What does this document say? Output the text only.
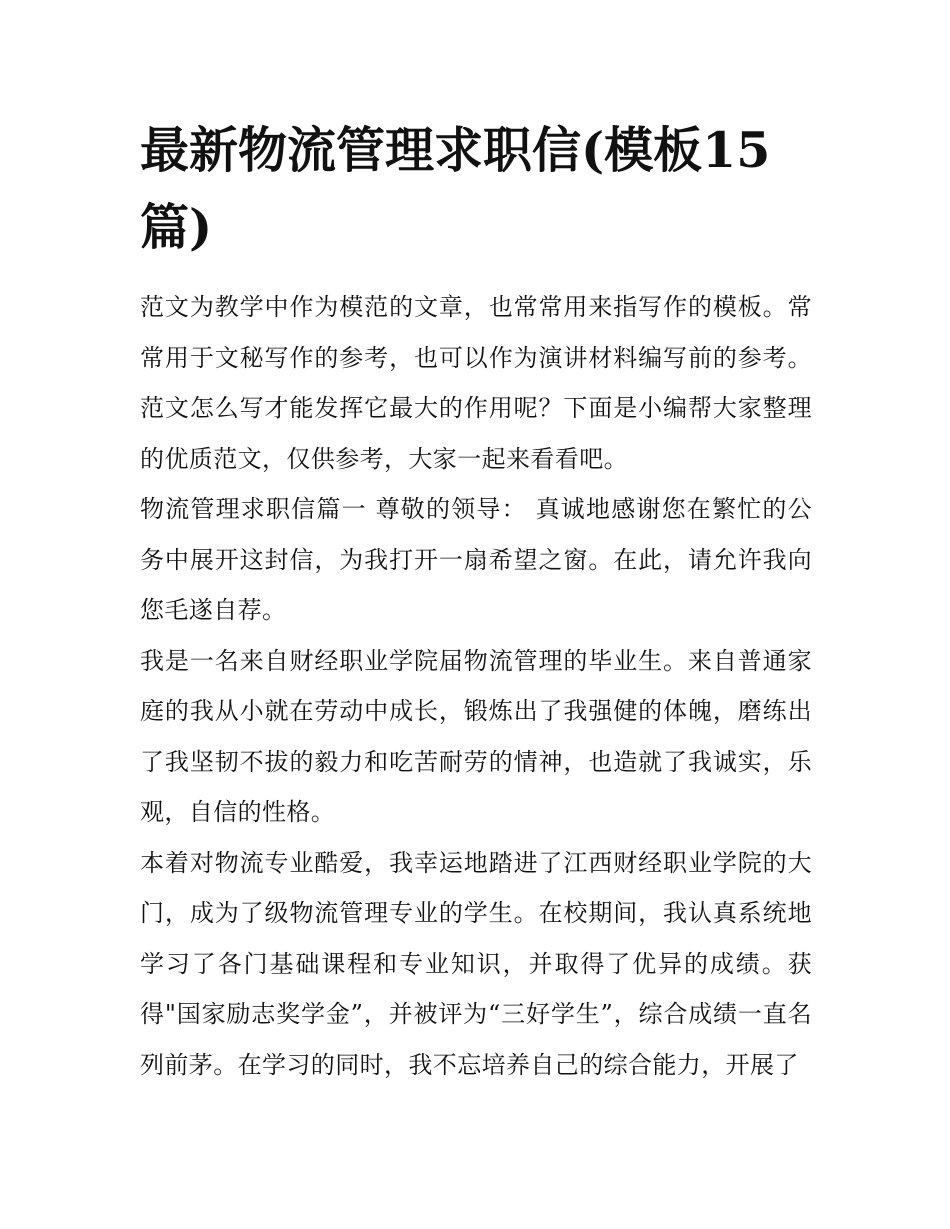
最新物流管理求职信(模板15篇)

范文为教学中作为模范的文章，也常常用来指写作的模板。常常用于文秘写作的参考，也可以作为演讲材料编写前的参考。范文怎么写才能发挥它最大的作用呢？下面是小编帮大家整理的优质范文，仅供参考，大家一起来看看吧。

物流管理求职信篇一 尊敬的领导： 真诚地感谢您在繁忙的公务中展开这封信，为我打开一扇希望之窗。在此，请允许我向您毛遂自荐。

我是一名来自财经职业学院届物流管理的毕业生。来自普通家庭的我从小就在劳动中成长，锻炼出了我强健的体魄，磨练出了我坚韧不拔的毅力和吃苦耐劳的情神，也造就了我诚实，乐观，自信的性格。

本着对物流专业酷爱，我幸运地踏进了江西财经职业学院的大门，成为了级物流管理专业的学生。在校期间，我认真系统地学习了各门基础课程和专业知识，并取得了优异的成绩。获得"国家励志奖学金”，并被评为“三好学生”，综合成绩一直名列前茅。在学习的同时，我不忘培养自己的综合能力，开展了
